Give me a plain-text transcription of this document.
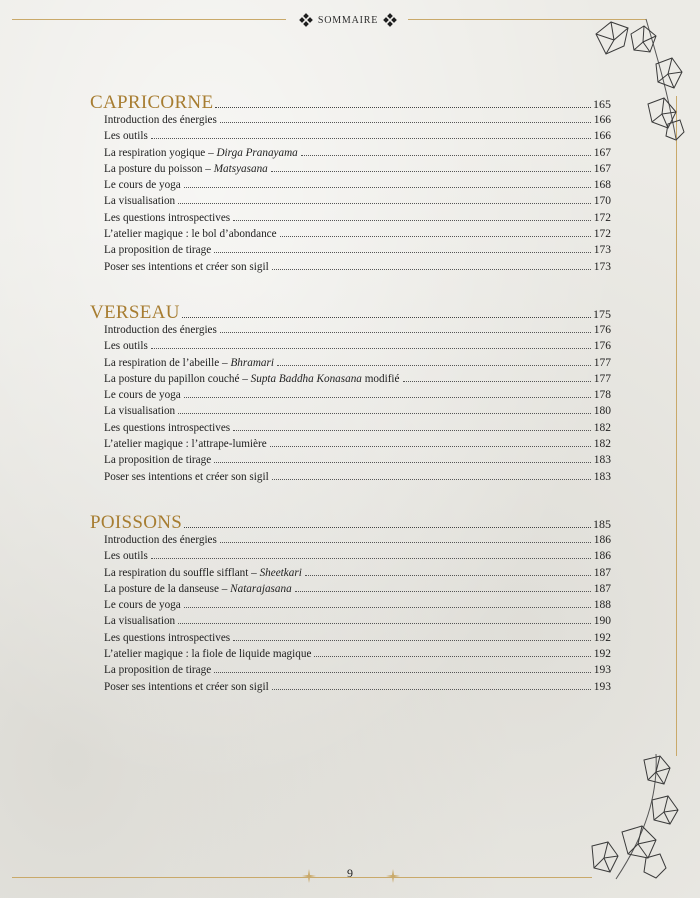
SOMMAIRE
CAPRICORNE	165
Introduction des énergies	166
Les outils	166
La respiration yogique – Dirga Pranayama	167
La posture du poisson – Matsyasana	167
Le cours de yoga	168
La visualisation	170
Les questions introspectives	172
L’atelier magique : le bol d’abondance	172
La proposition de tirage	173
Poser ses intentions et créer son sigil	173
VERSEAU	175
Introduction des énergies	176
Les outils	176
La respiration de l’abeille – Bhramari	177
La posture du papillon couché – Supta Baddha Konasana modifié	177
Le cours de yoga	178
La visualisation	180
Les questions introspectives	182
L’atelier magique : l’attrape-lumière	182
La proposition de tirage	183
Poser ses intentions et créer son sigil	183
POISSONS	185
Introduction des énergies	186
Les outils	186
La respiration du souffle sifflant – Sheetkari	187
La posture de la danseuse – Natarajasana	187
Le cours de yoga	188
La visualisation	190
Les questions introspectives	192
L’atelier magique : la fiole de liquide magique	192
La proposition de tirage	193
Poser ses intentions et créer son sigil	193
9
